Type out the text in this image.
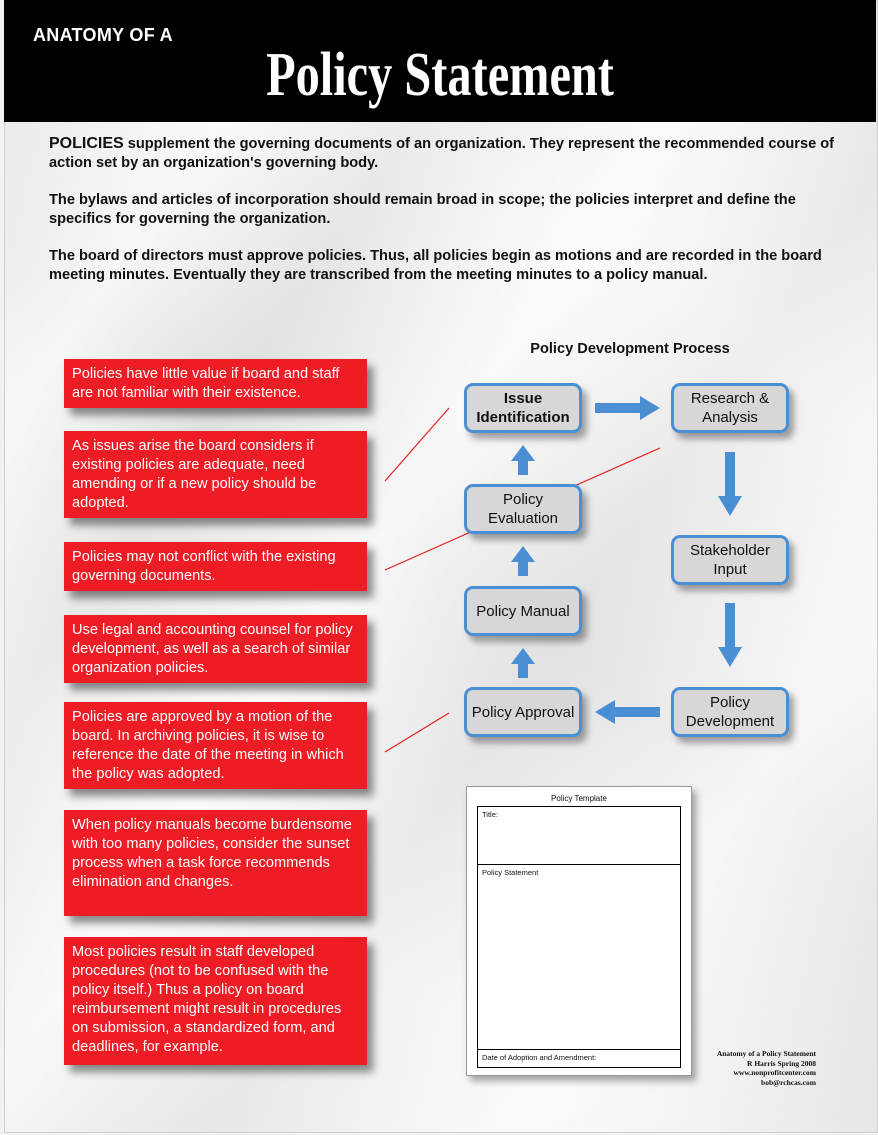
ANATOMY OF A
Policy Statement

POLICIES supplement the governing documents of an organization. They represent the recommended course of action set by an organization's governing body.

The bylaws and articles of incorporation should remain broad in scope; the policies interpret and define the specifics for governing the organization.

The board of directors must approve policies. Thus, all policies begin as motions and are recorded in the board meeting minutes. Eventually they are transcribed from the meeting minutes to a policy manual.

Policies have little value if board and staff are not familiar with their existence.
As issues arise the board considers if existing policies are adequate, need amending or if a new policy should be adopted.
Policies may not conflict with the existing governing documents.
Use legal and accounting counsel for policy development, as well as a search of similar organization policies.
Policies are approved by a motion of the board. In archiving policies, it is wise to reference the date of the meeting in which the policy was adopted.
When policy manuals become burdensome with too many policies, consider the sunset process when a task force recommends elimination and changes.
Most policies result in staff developed procedures (not to be confused with the policy itself.) Thus a policy on board reimbursement might result in procedures on submission, a standardized form, and deadlines, for example.
Policy Development Process
Issue Identification
Research & Analysis
Stakeholder Input
Policy Development
Policy Approval
Policy Manual
Policy Evaluation
Policy Template
Title:
Policy Statement
Date of Adoption and Amendment:	Anatomy of a Policy Statement
R Harris Spring 2008
www.nonprofitcenter.com
bob@rchcas.com
